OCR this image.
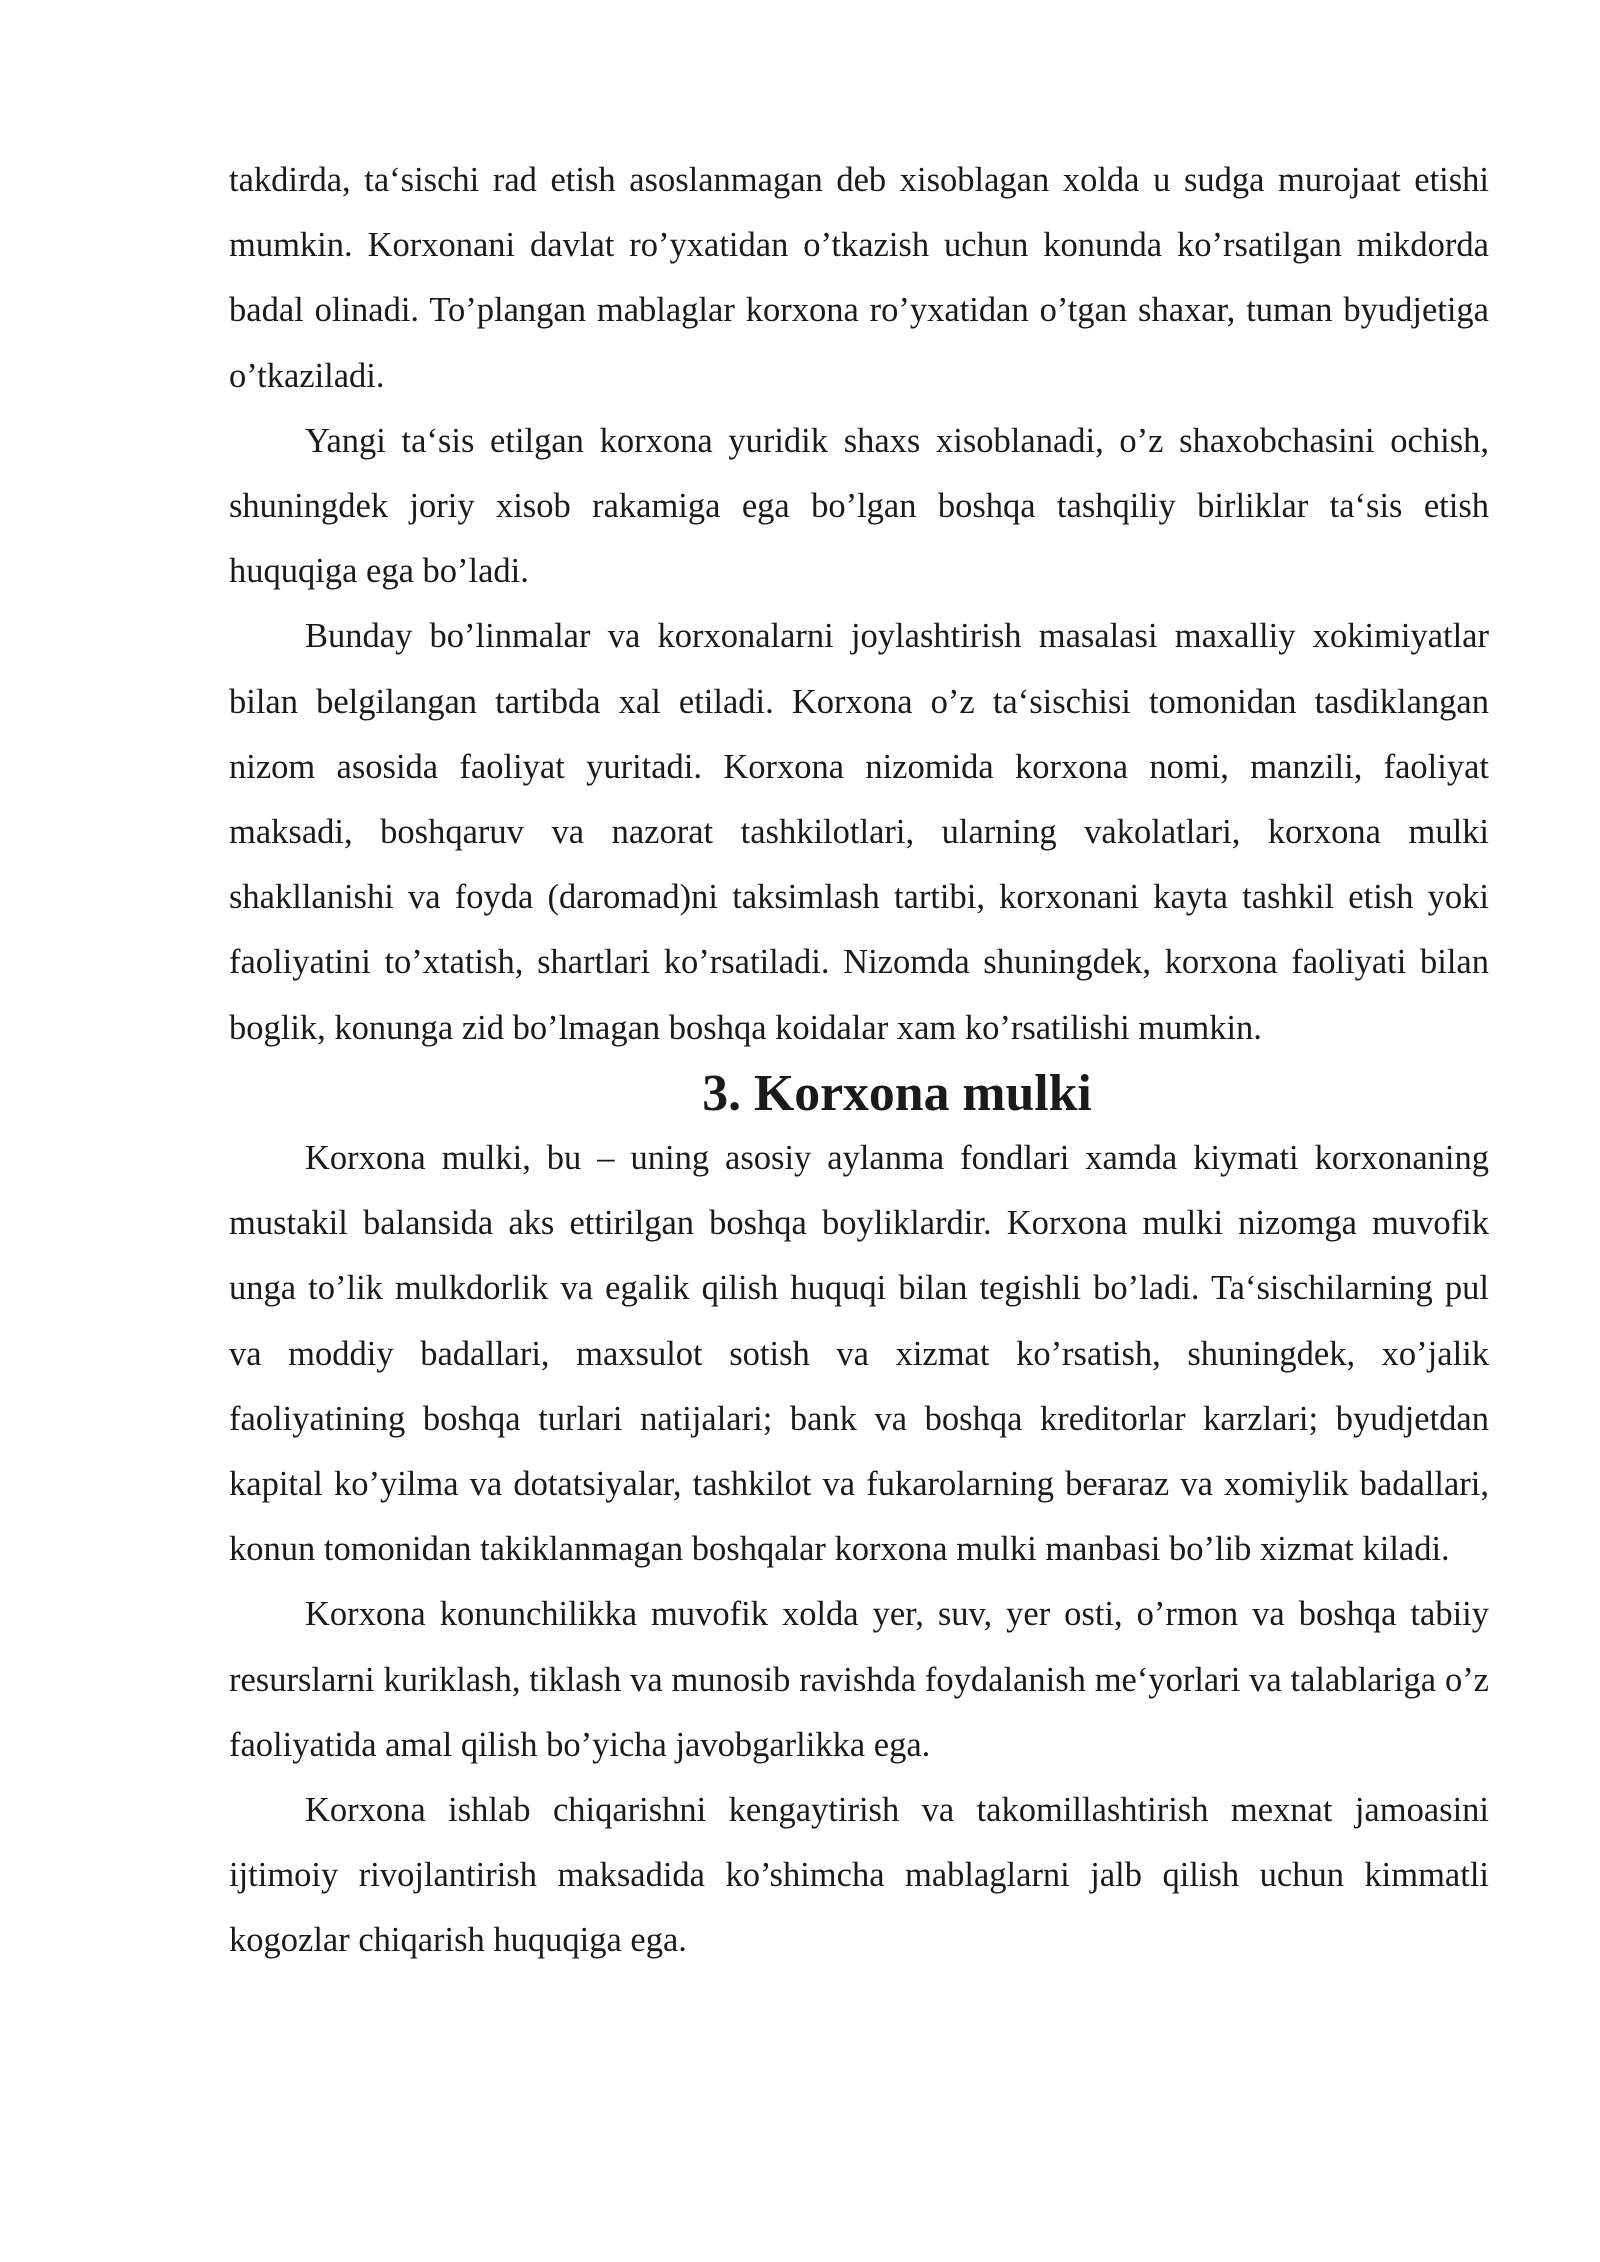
takdirda, ta‘sischi rad etish asoslanmagan deb xisoblagan xolda u sudga murojaat etishi mumkin. Korxonani davlat ro’yxatidan o’tkazish uchun konunda ko’rsatilgan mikdorda badal olinadi. To’plangan mablaglar korxona ro’yxatidan o’tgan shaxar, tuman byudjetiga o’tkaziladi.

Yangi ta‘sis etilgan korxona yuridik shaxs xisoblanadi, o’z shaxobchasini ochish, shuningdek joriy xisob rakamiga ega bo’lgan boshqa tashqiliy birliklar ta‘sis etish huquqiga ega bo’ladi.

Bunday bo’linmalar va korxonalarni joylashtirish masalasi maxalliy xokimiyatlar bilan belgilangan tartibda xal etiladi. Korxona o’z ta‘sischisi tomonidan tasdiklangan nizom asosida faoliyat yuritadi. Korxona nizomida korxona nomi, manzili, faoliyat maksadi, boshqaruv va nazorat tashkilotlari, ularning vakolatlari, korxona mulki shakllanishi va foyda (daromad)ni taksimlash tartibi, korxonani kayta tashkil etish yoki faoliyatini to’xtatish, shartlari ko’rsatiladi. Nizomda shuningdek, korxona faoliyati bilan boglik, konunga zid bo’lmagan boshqa koidalar xam ko’rsatilishi mumkin.

3. Korxona mulki

Korxona mulki, bu – uning asosiy aylanma fondlari xamda kiymati korxonaning mustakil balansida aks ettirilgan boshqa boyliklardir. Korxona mulki nizomga muvofik unga to’lik mulkdorlik va egalik qilish huquqi bilan tegishli bo’ladi. Ta‘sischilarning pul va moddiy badallari, maxsulot sotish va xizmat ko’rsatish, shuningdek, xo’jalik faoliyatining boshqa turlari natijalari; bank va boshqa kreditorlar karzlari; byudjetdan kapital ko’yilma va dotatsiyalar, tashkilot va fukarolarning beғaraz va xomiylik badallari, konun tomonidan takiklanmagan boshqalar korxona mulki manbasi bo’lib xizmat kiladi.

Korxona konunchilikka muvofik xolda yer, suv, yer osti, o’rmon va boshqa tabiiy resurslarni kuriklash, tiklash va munosib ravishda foydalanish me‘yorlari va talablariga o’z faoliyatida amal qilish bo’yicha javobgarlikka ega.

Korxona ishlab chiqarishni kengaytirish va takomillashtirish mexnat jamoasini ijtimoiy rivojlantirish maksadida ko’shimcha mablaglarni jalb qilish uchun kimmatli kogozlar chiqarish huquqiga ega.
